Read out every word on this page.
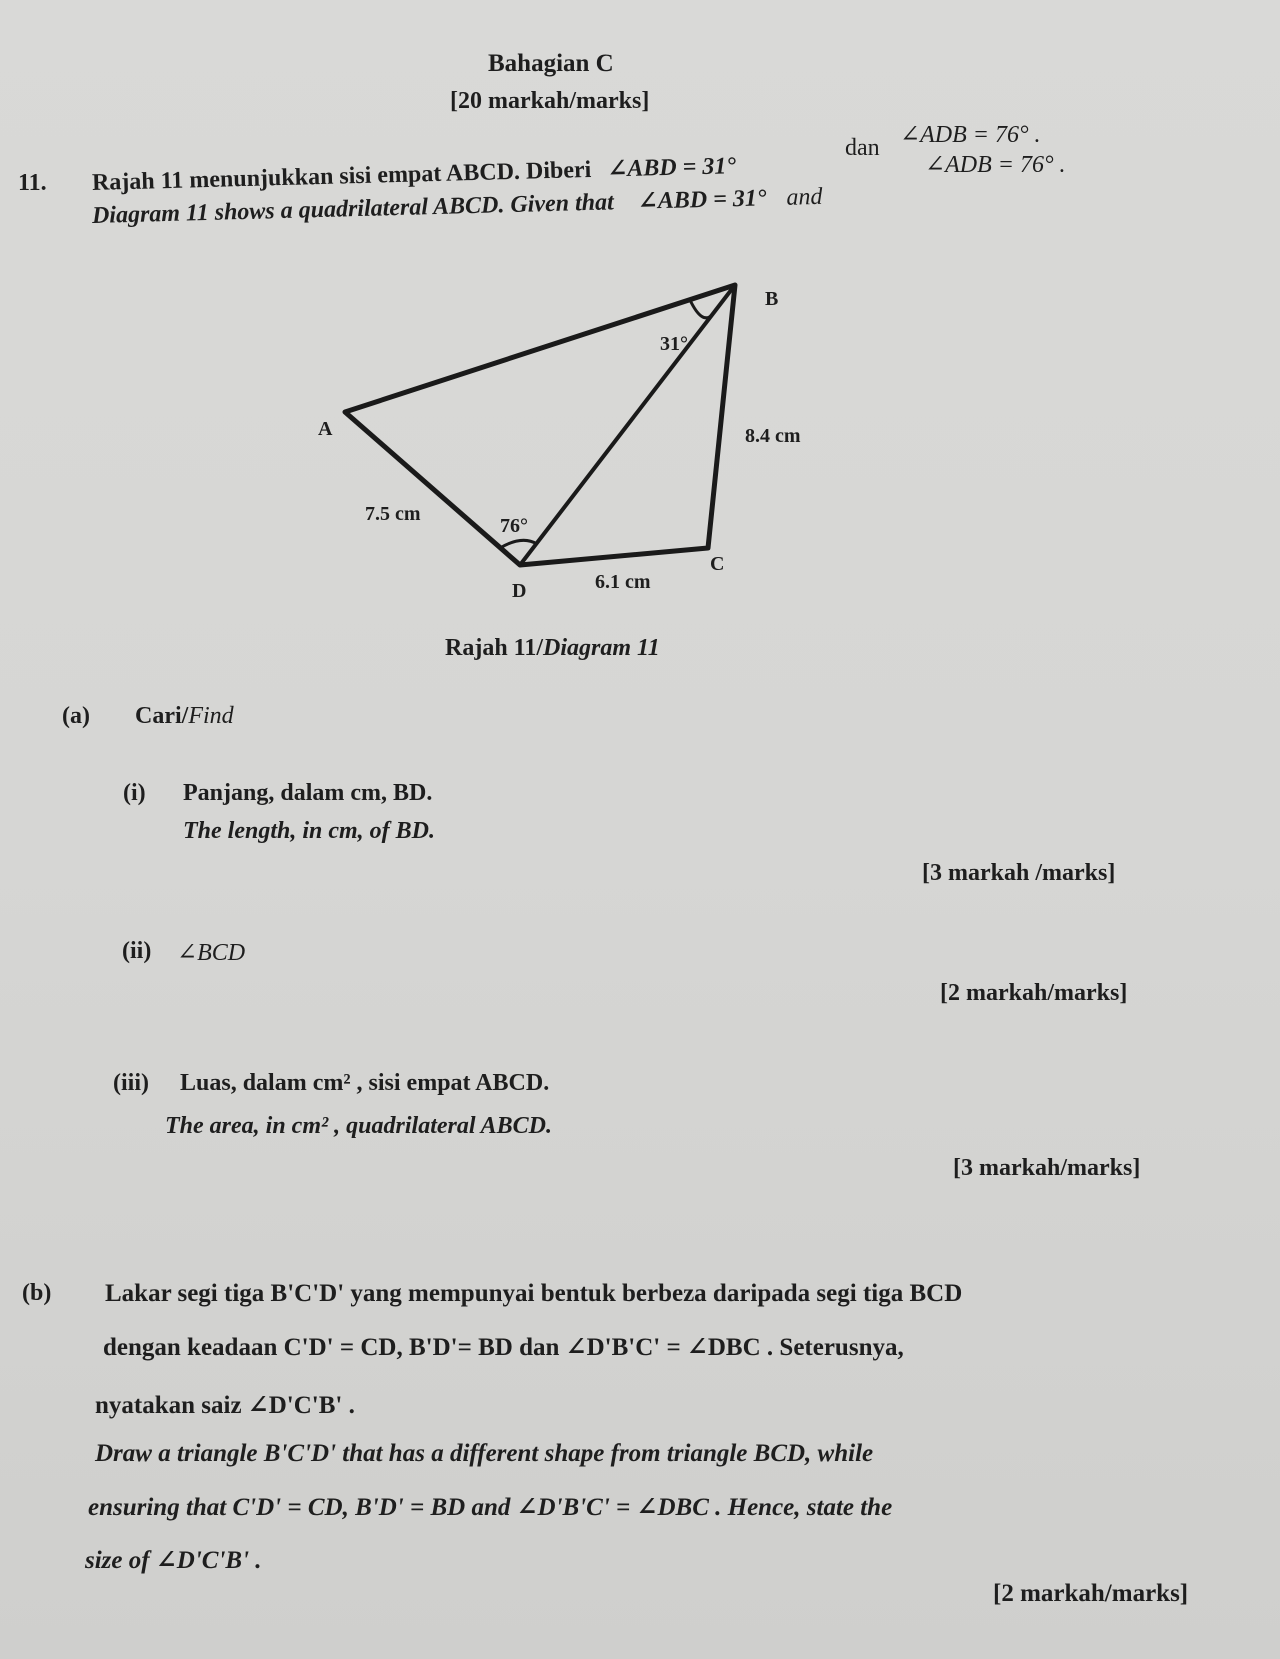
Bahagian C
[20 markah/marks]
11. Rajah 11 menunjukkan sisi empat ABCD. Diberi ∠ABD = 31°
dan ∠ADB = 76° .
Diagram 11 shows a quadrilateral ABCD. Given that ∠ABD = 31° and
∠ADB = 76° .
B
A
C
D
31°
76°
7.5 cm
8.4 cm
6.1 cm
Rajah 11/Diagram 11
(a) Cari/Find
(i) Panjang, dalam cm, BD.
The length, in cm, of BD.
[3 markah /marks]
(ii) ∠BCD
[2 markah/marks]
(iii) Luas, dalam cm² , sisi empat ABCD.
The area, in cm² , quadrilateral ABCD.
[3 markah/marks]
(b) Lakar segi tiga B'C'D' yang mempunyai bentuk berbeza daripada segi tiga BCD
dengan keadaan C'D' = CD, B'D'= BD dan ∠D'B'C' = ∠DBC . Seterusnya,
nyatakan saiz ∠D'C'B' .
Draw a triangle B'C'D' that has a different shape from triangle BCD, while
ensuring that C'D' = CD, B'D' = BD and ∠D'B'C' = ∠DBC . Hence, state the
size of ∠D'C'B' .
[2 markah/marks]
